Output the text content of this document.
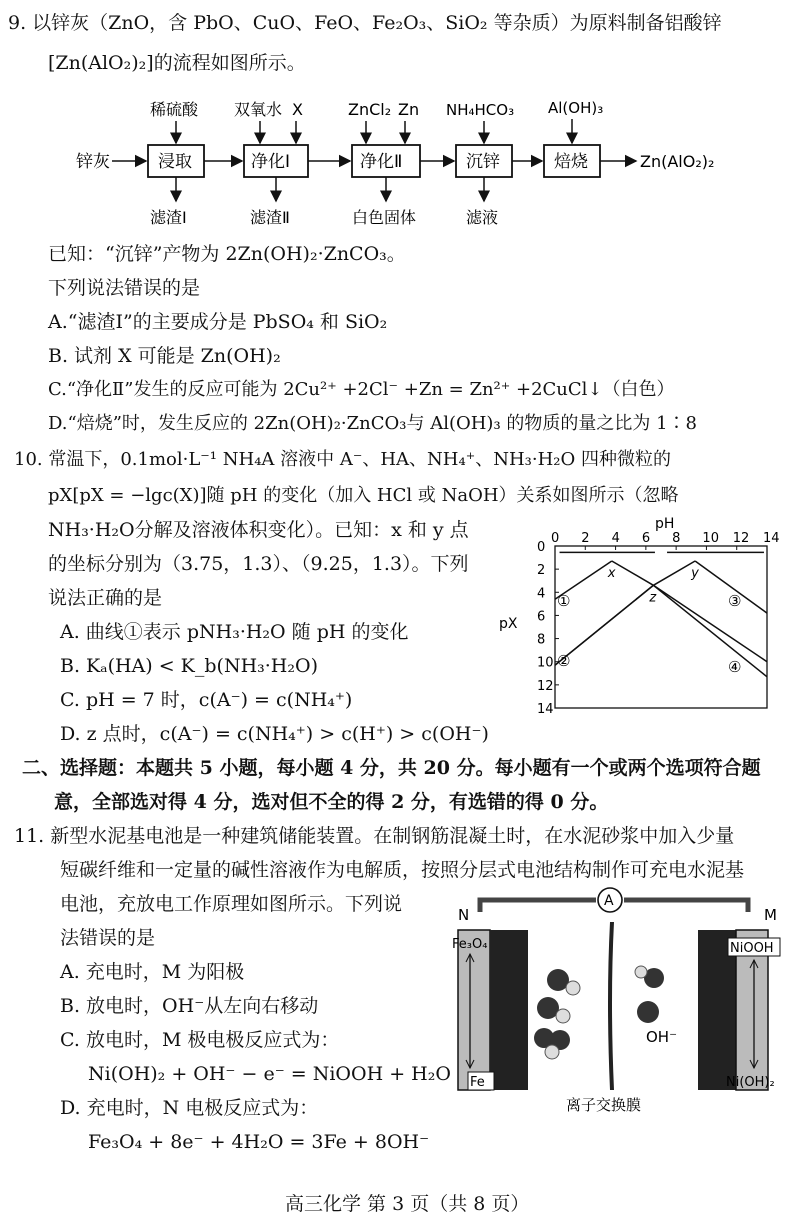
9. 以锌灰（ZnO，含 PbO、CuO、FeO、Fe₂O₃、SiO₂ 等杂质）为原料制备铝酸锌
[Zn(AlO₂)₂]的流程如图所示。
锌灰	浸取	净化Ⅰ	净化Ⅱ	沉锌	焙烧	Zn(AlO₂)₂
稀硫酸 双氧水 X	ZnCl₂ Zn NH₄HCO₃ Al(OH)₃
滤渣Ⅰ	滤渣Ⅱ	白色固体	滤液
已知：“沉锌”产物为 2Zn(OH)₂·ZnCO₃。
下列说法错误的是
A.“滤渣Ⅰ”的主要成分是 PbSO₄ 和 SiO₂
B. 试剂 X 可能是 Zn(OH)₂
C.“净化Ⅱ”发生的反应可能为 2Cu²⁺ +2Cl⁻ +Zn = Zn²⁺ +2CuCl↓（白色）
D.“焙烧”时，发生反应的 2Zn(OH)₂·ZnCO₃与 Al(OH)₃ 的物质的量之比为 1∶8
10. 常温下，0.1mol·L⁻¹ NH₄A 溶液中 A⁻、HA、NH₄⁺、NH₃·H₂O 四种微粒的
pX[pX = −lgc(X)]随 pH 的变化（加入 HCl 或 NaOH）关系如图所示（忽略
NH₃·H₂O分解及溶液体积变化）。已知：x 和 y 点
的坐标分别为（3.75，1.3）、（9.25，1.3）。下列
说法正确的是
A. 曲线①表示 pNH₃·H₂O 随 pH 的变化
B. Kₐ(HA) < K_b(NH₃·H₂O)
C. pH = 7 时，c(A⁻) = c(NH₄⁺)
D. z 点时，c(A⁻) = c(NH₄⁺) > c(H⁺) > c(OH⁻)
pH
pX
0 2 4 6 8 10 12 14
0
2
4
6
8
10
12
14
x	y
z
①
②
③
④
二、选择题：本题共 5 小题，每小题 4 分，共 20 分。每小题有一个或两个选项符合题
意，全部选对得 4 分，选对但不全的得 2 分，有选错的得 0 分。
11. 新型水泥基电池是一种建筑储能装置。在制钢筋混凝土时，在水泥砂浆中加入少量
短碳纤维和一定量的碱性溶液作为电解质，按照分层式电池结构制作可充电水泥基
电池，充放电工作原理如图所示。下列说
法错误的是
A. 充电时，M 为阳极
B. 放电时，OH⁻从左向右移动
C. 放电时，M 极电极反应式为：
Ni(OH)₂ + OH⁻ − e⁻ = NiOOH + H₂O
D. 充电时，N 电极反应式为：
Fe₃O₄ + 8e⁻ + 4H₂O = 3Fe + 8OH⁻
A
N	M
Fe₃O₄
Fe
离子交换膜
OH⁻
NiOOH
Ni(OH)₂
高三化学 第 3 页（共 8 页）
